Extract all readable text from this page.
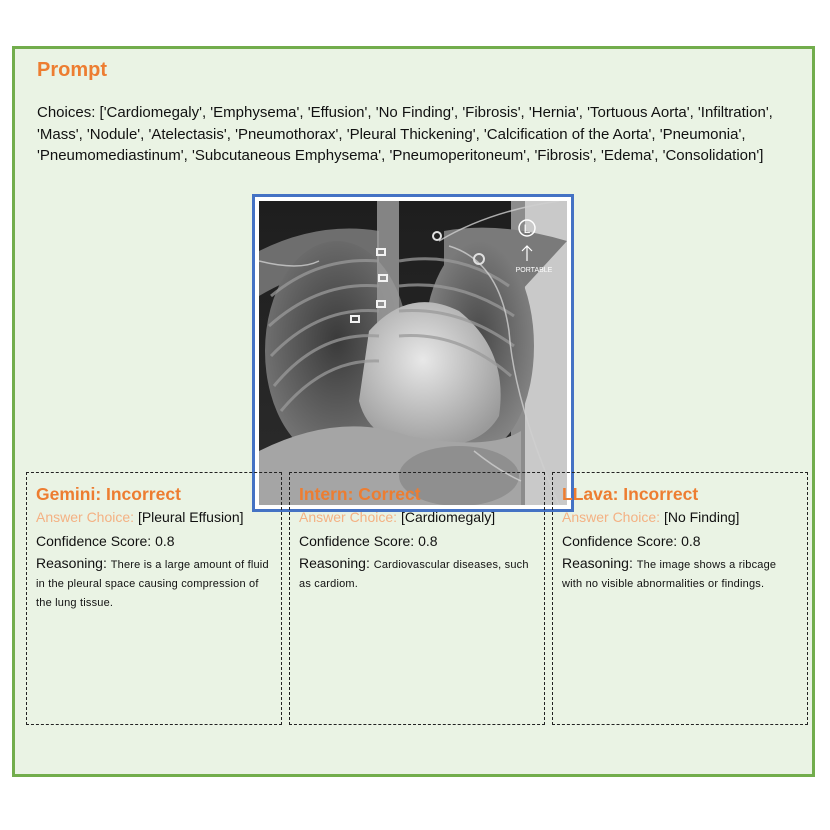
Prompt
Choices: ['Cardiomegaly', 'Emphysema', 'Effusion', 'No Finding', 'Fibrosis', 'Hernia', 'Tortuous Aorta', 'Infiltration', 'Mass', 'Nodule', 'Atelectasis', 'Pneumothorax', 'Pleural Thickening', 'Calcification of the Aorta', 'Pneumonia', 'Pneumomediastinum', 'Subcutaneous Emphysema', 'Pneumoperitoneum', 'Fibrosis', 'Edema', 'Consolidation']
L
PORTABLE
Gemini: Incorrect
Answer Choice: [Pleural Effusion]
Confidence Score: 0.8
Reasoning: There is a large amount of fluid in the pleural space causing compression of the lung tissue.
Intern: Correct
Answer Choice: [Cardiomegaly]
Confidence Score: 0.8
Reasoning: Cardiovascular diseases, such as cardiom.
LLava: Incorrect
Answer Choice: [No Finding]
Confidence Score: 0.8
Reasoning: The image shows a ribcage with no visible abnormalities or findings.
